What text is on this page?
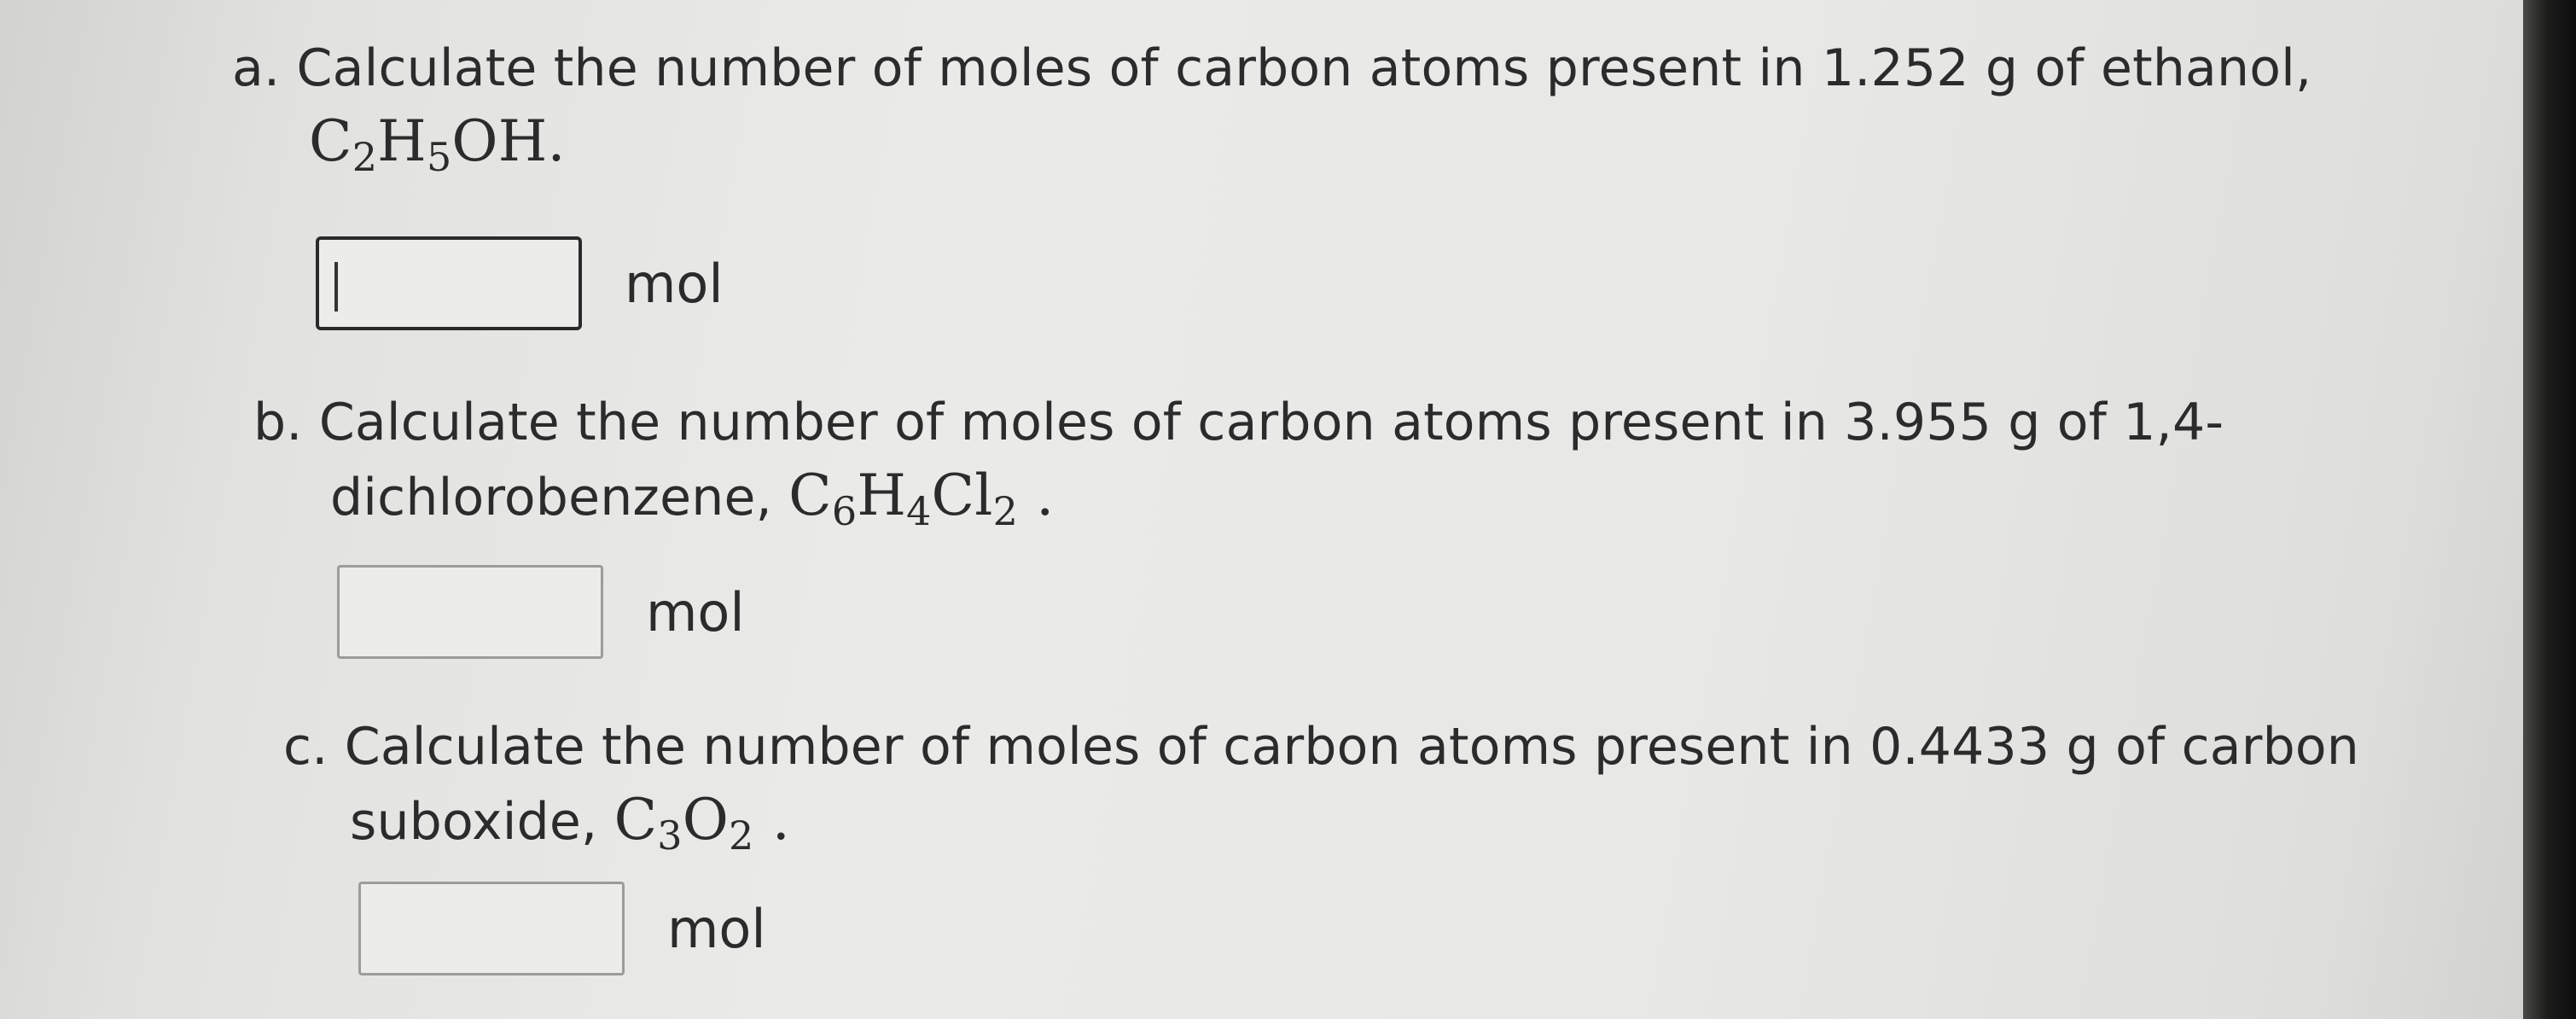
a. Calculate the number of moles of carbon atoms present in 1.252 g of ethanol,
$C_2H_5OH$.
mol
b. Calculate the number of moles of carbon atoms present in 3.955 g of 1,4-
dichlorobenzene, $C_6H_4Cl_2$ .
mol
c. Calculate the number of moles of carbon atoms present in 0.4433 g of carbon
suboxide, $C_3O_2$ .
mol
